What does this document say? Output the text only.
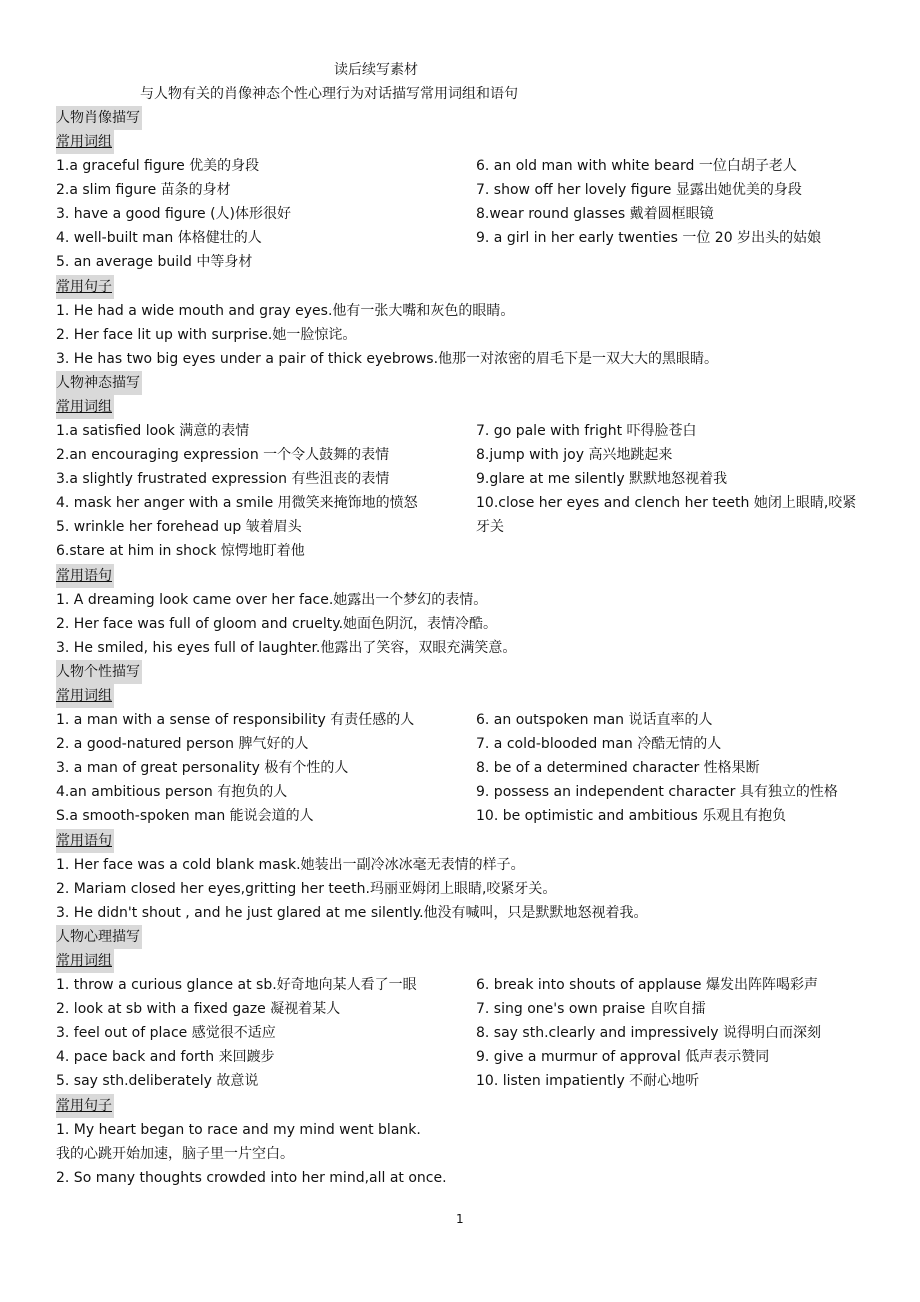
读后续写素材
与人物有关的肖像神态个性心理行为对话描写常用词组和语句
人物肖像描写
常用词组
1.a graceful figure 优美的身段
2.a slim figure 苗条的身材
3. have a good figure (人)体形很好
4. well-built man 体格健壮的人
5. an average build 中等身材
6. an old man with white beard 一位白胡子老人
7. show off her lovely figure 显露出她优美的身段
8.wear round glasses 戴着圆框眼镜
9. a girl in her early twenties 一位 20 岁出头的姑娘
常用句子
1. He had a wide mouth and gray eyes.他有一张大嘴和灰色的眼睛。
2. Her face lit up with surprise.她一脸惊诧。
3. He has two big eyes under a pair of thick eyebrows.他那一对浓密的眉毛下是一双大大的黑眼睛。
人物神态描写
常用词组
1.a satisfied look 满意的表情
2.an encouraging expression 一个令人鼓舞的表情
3.a slightly frustrated expression 有些沮丧的表情
4. mask her anger with a smile 用微笑来掩饰地的愤怒
5. wrinkle her forehead up 皱着眉头
6.stare at him in shock 惊愕地盯着他
7. go pale with fright 吓得脸苍白
8.jump with joy 高兴地跳起来
9.glare at me silently 默默地怒视着我
10.close her eyes and clench her teeth 她闭上眼睛,咬紧
牙关
常用语句
1. A dreaming look came over her face.她露出一个梦幻的表情。
2. Her face was full of gloom and cruelty.她面色阴沉，表情冷酷。
3. He smiled, his eyes full of laughter.他露出了笑容，双眼充满笑意。
人物个性描写
常用词组
1. a man with a sense of responsibility 有责任感的人
2. a good-natured person 脾气好的人
3. a man of great personality 极有个性的人
4.an ambitious person 有抱负的人
S.a smooth-spoken man 能说会道的人
6. an outspoken man 说话直率的人
7. a cold-blooded man 冷酷无情的人
8. be of a determined character 性格果断
9. possess an independent character 具有独立的性格
10. be optimistic and ambitious 乐观且有抱负
常用语句
1. Her face was a cold blank mask.她装出一副冷冰冰毫无表情的样子。
2. Mariam closed her eyes,gritting her teeth.玛丽亚姆闭上眼睛,咬紧牙关。
3. He didn't shout , and he just glared at me silently.他没有喊叫，只是默默地怒视着我。
人物心理描写
常用词组
1. throw a curious glance at sb.好奇地向某人看了一眼
2. look at sb with a fixed gaze 凝视着某人
3. feel out of place 感觉很不适应
4. pace back and forth 来回踱步
5. say sth.deliberately 故意说
6. break into shouts of applause 爆发出阵阵喝彩声
7. sing one's own praise 自吹自擂
8. say sth.clearly and impressively 说得明白而深刻
9. give a murmur of approval 低声表示赞同
10. listen impatiently 不耐心地听
常用句子
1. My heart began to race and my mind went blank.
我的心跳开始加速，脑子里一片空白。
2. So many thoughts crowded into her mind,all at once.
1
